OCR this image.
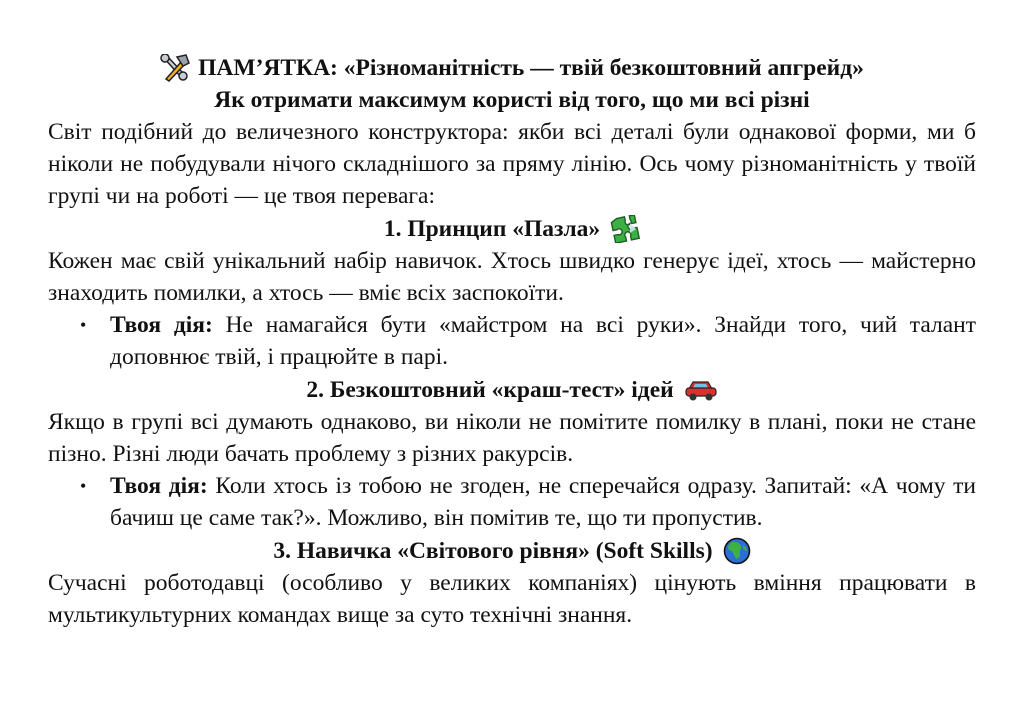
ПАМ’ЯТКА: «Різноманітність — твій безкоштовний апгрейд»
Як отримати максимум користі від того, що ми всі різні

Світ подібний до величезного конструктора: якби всі деталі були однакової форми, ми б ніколи не побудували нічого складнішого за пряму лінію. Ось чому різноманітність у твоїй групі чи на роботі — це твоя перевага:

1. Принцип «Пазла»

Кожен має свій унікальний набір навичок. Хтось швидко генерує ідеї, хтось — майстерно знаходить помилки, а хтось — вміє всіх заспокоїти.

• Твоя дія: Не намагайся бути «майстром на всі руки». Знайди того, чий талант доповнює твій, і працюйте в парі.
2. Безкоштовний «краш-тест» ідей

Якщо в групі всі думають однаково, ви ніколи не помітите помилку в плані, поки не стане пізно. Різні люди бачать проблему з різних ракурсів.

• Твоя дія: Коли хтось із тобою не згоден, не сперечайся одразу. Запитай: «А чому ти бачиш це саме так?». Можливо, він помітив те, що ти пропустив.
3. Навичка «Світового рівня» (Soft Skills)

Сучасні роботодавці (особливо у великих компаніях) цінують вміння працювати в мультикультурних командах вище за суто технічні знання.
